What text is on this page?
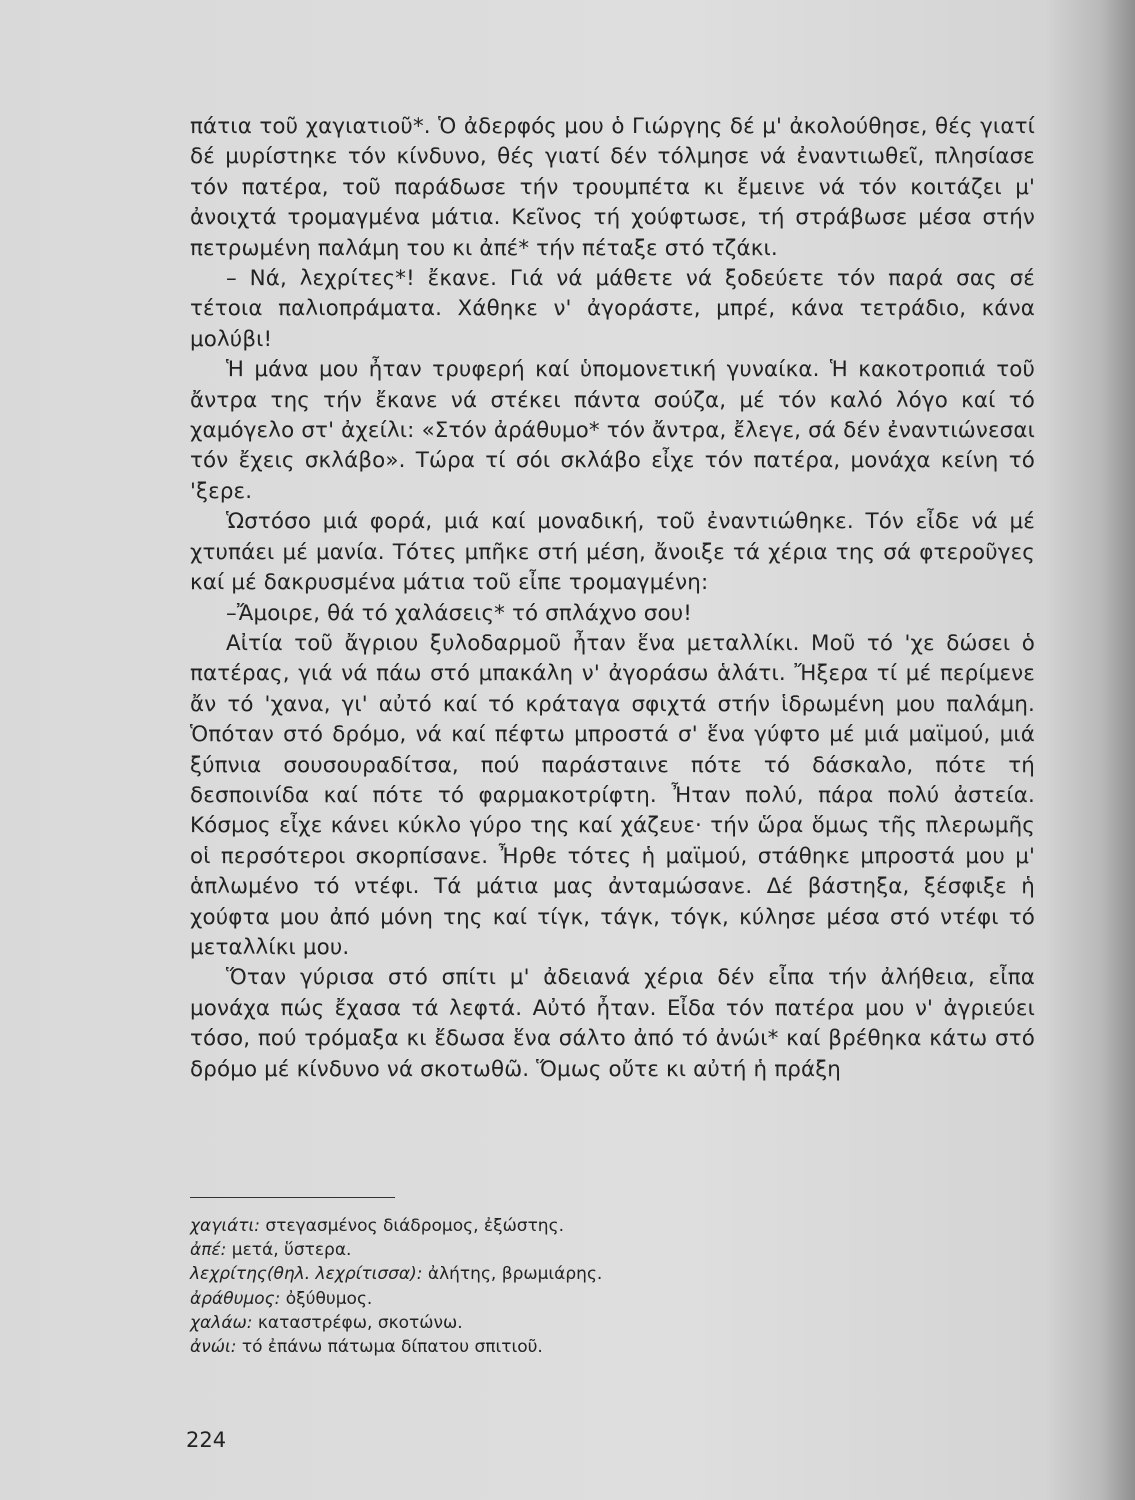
πάτια τοῦ χαγιατιοῦ*. Ὁ ἀδερφός μου ὁ Γιώργης δέ μ' ἀκολούθησε, θές γιατί δέ μυρίστηκε τόν κίνδυνο, θές γιατί δέν τόλμησε νά ἐναντιωθεῖ, πλησίασε τόν πατέρα, τοῦ παράδωσε τήν τρουμπέτα κι ἔμεινε νά τόν κοιτάζει μ' ἀνοιχτά τρομαγμένα μάτια. Κεῖνος τή χούφτωσε, τή στράβωσε μέσα στήν πετρωμένη παλάμη του κι ἀπέ* τήν πέταξε στό τζάκι.

– Νά, λεχρίτες*! ἔκανε. Γιά νά μάθετε νά ξοδεύετε τόν παρά σας σέ τέτοια παλιοπράματα. Χάθηκε ν' ἀγοράστε, μπρέ, κάνα τετράδιο, κάνα μολύβι!

Ἡ μάνα μου ἦταν τρυφερή καί ὑπομονετική γυναίκα. Ἡ κακοτροπιά τοῦ ἄντρα της τήν ἔκανε νά στέκει πάντα σούζα, μέ τόν καλό λόγο καί τό χαμόγελο στ' ἀχείλι: «Στόν ἀράθυμο* τόν ἄντρα, ἔλεγε, σά δέν ἐναντιώνεσαι τόν ἔχεις σκλάβο». Τώρα τί σόι σκλάβο εἶχε τόν πατέρα, μονάχα κείνη τό 'ξερε.

Ὡστόσο μιά φορά, μιά καί μοναδική, τοῦ ἐναντιώθηκε. Τόν εἶδε νά μέ χτυπάει μέ μανία. Τότες μπῆκε στή μέση, ἄνοιξε τά χέρια της σά φτεροῦγες καί μέ δακρυσμένα μάτια τοῦ εἶπε τρομαγμένη:

–Ἄμοιρε, θά τό χαλάσεις* τό σπλάχνο σου!

Αἰτία τοῦ ἄγριου ξυλοδαρμοῦ ἦταν ἕνα μεταλλίκι. Μοῦ τό 'χε δώσει ὁ πατέρας, γιά νά πάω στό μπακάλη ν' ἀγοράσω ἁλάτι. Ἤξερα τί μέ περίμενε ἄν τό 'χανα, γι' αὐτό καί τό κράταγα σφιχτά στήν ἱδρωμένη μου παλάμη. Ὁπόταν στό δρόμο, νά καί πέφτω μπροστά σ' ἕνα γύφτο μέ μιά μαϊμού, μιά ξύπνια σουσουραδίτσα, πού παράσταινε πότε τό δάσκαλο, πότε τή δεσποινίδα καί πότε τό φαρμακοτρίφτη. Ἦταν πολύ, πάρα πολύ ἀστεία. Κόσμος εἶχε κάνει κύκλο γύρο της καί χάζευε· τήν ὥρα ὅμως τῆς πλερωμῆς οἱ περσότεροι σκορπίσανε. Ἦρθε τότες ἡ μαϊμού, στάθηκε μπροστά μου μ' ἁπλωμένο τό ντέφι. Τά μάτια μας ἀνταμώσανε. Δέ βάστηξα, ξέσφιξε ἡ χούφτα μου ἀπό μόνη της καί τίγκ, τάγκ, τόγκ, κύλησε μέσα στό ντέφι τό μεταλλίκι μου.

Ὅταν γύρισα στό σπίτι μ' ἀδειανά χέρια δέν εἶπα τήν ἀλήθεια, εἶπα μονάχα πώς ἔχασα τά λεφτά. Αὐτό ἦταν. Εἶδα τόν πατέρα μου ν' ἀγριεύει τόσο, πού τρόμαξα κι ἔδωσα ἕνα σάλτο ἀπό τό ἀνώι* καί βρέθηκα κάτω στό δρόμο μέ κίνδυνο νά σκοτωθῶ. Ὅμως οὔτε κι αὐτή ἡ πράξη

χαγιάτι: στεγασμένος διάδρομος, ἐξώστης.
ἀπέ: μετά, ὕστερα.
λεχρίτης(θηλ. λεχρίτισσα): ἀλήτης, βρωμιάρης.
ἀράθυμος: ὀξύθυμος.
χαλάω: καταστρέφω, σκοτώνω.
ἀνώι: τό ἐπάνω πάτωμα δίπατου σπιτιοῦ.
224
